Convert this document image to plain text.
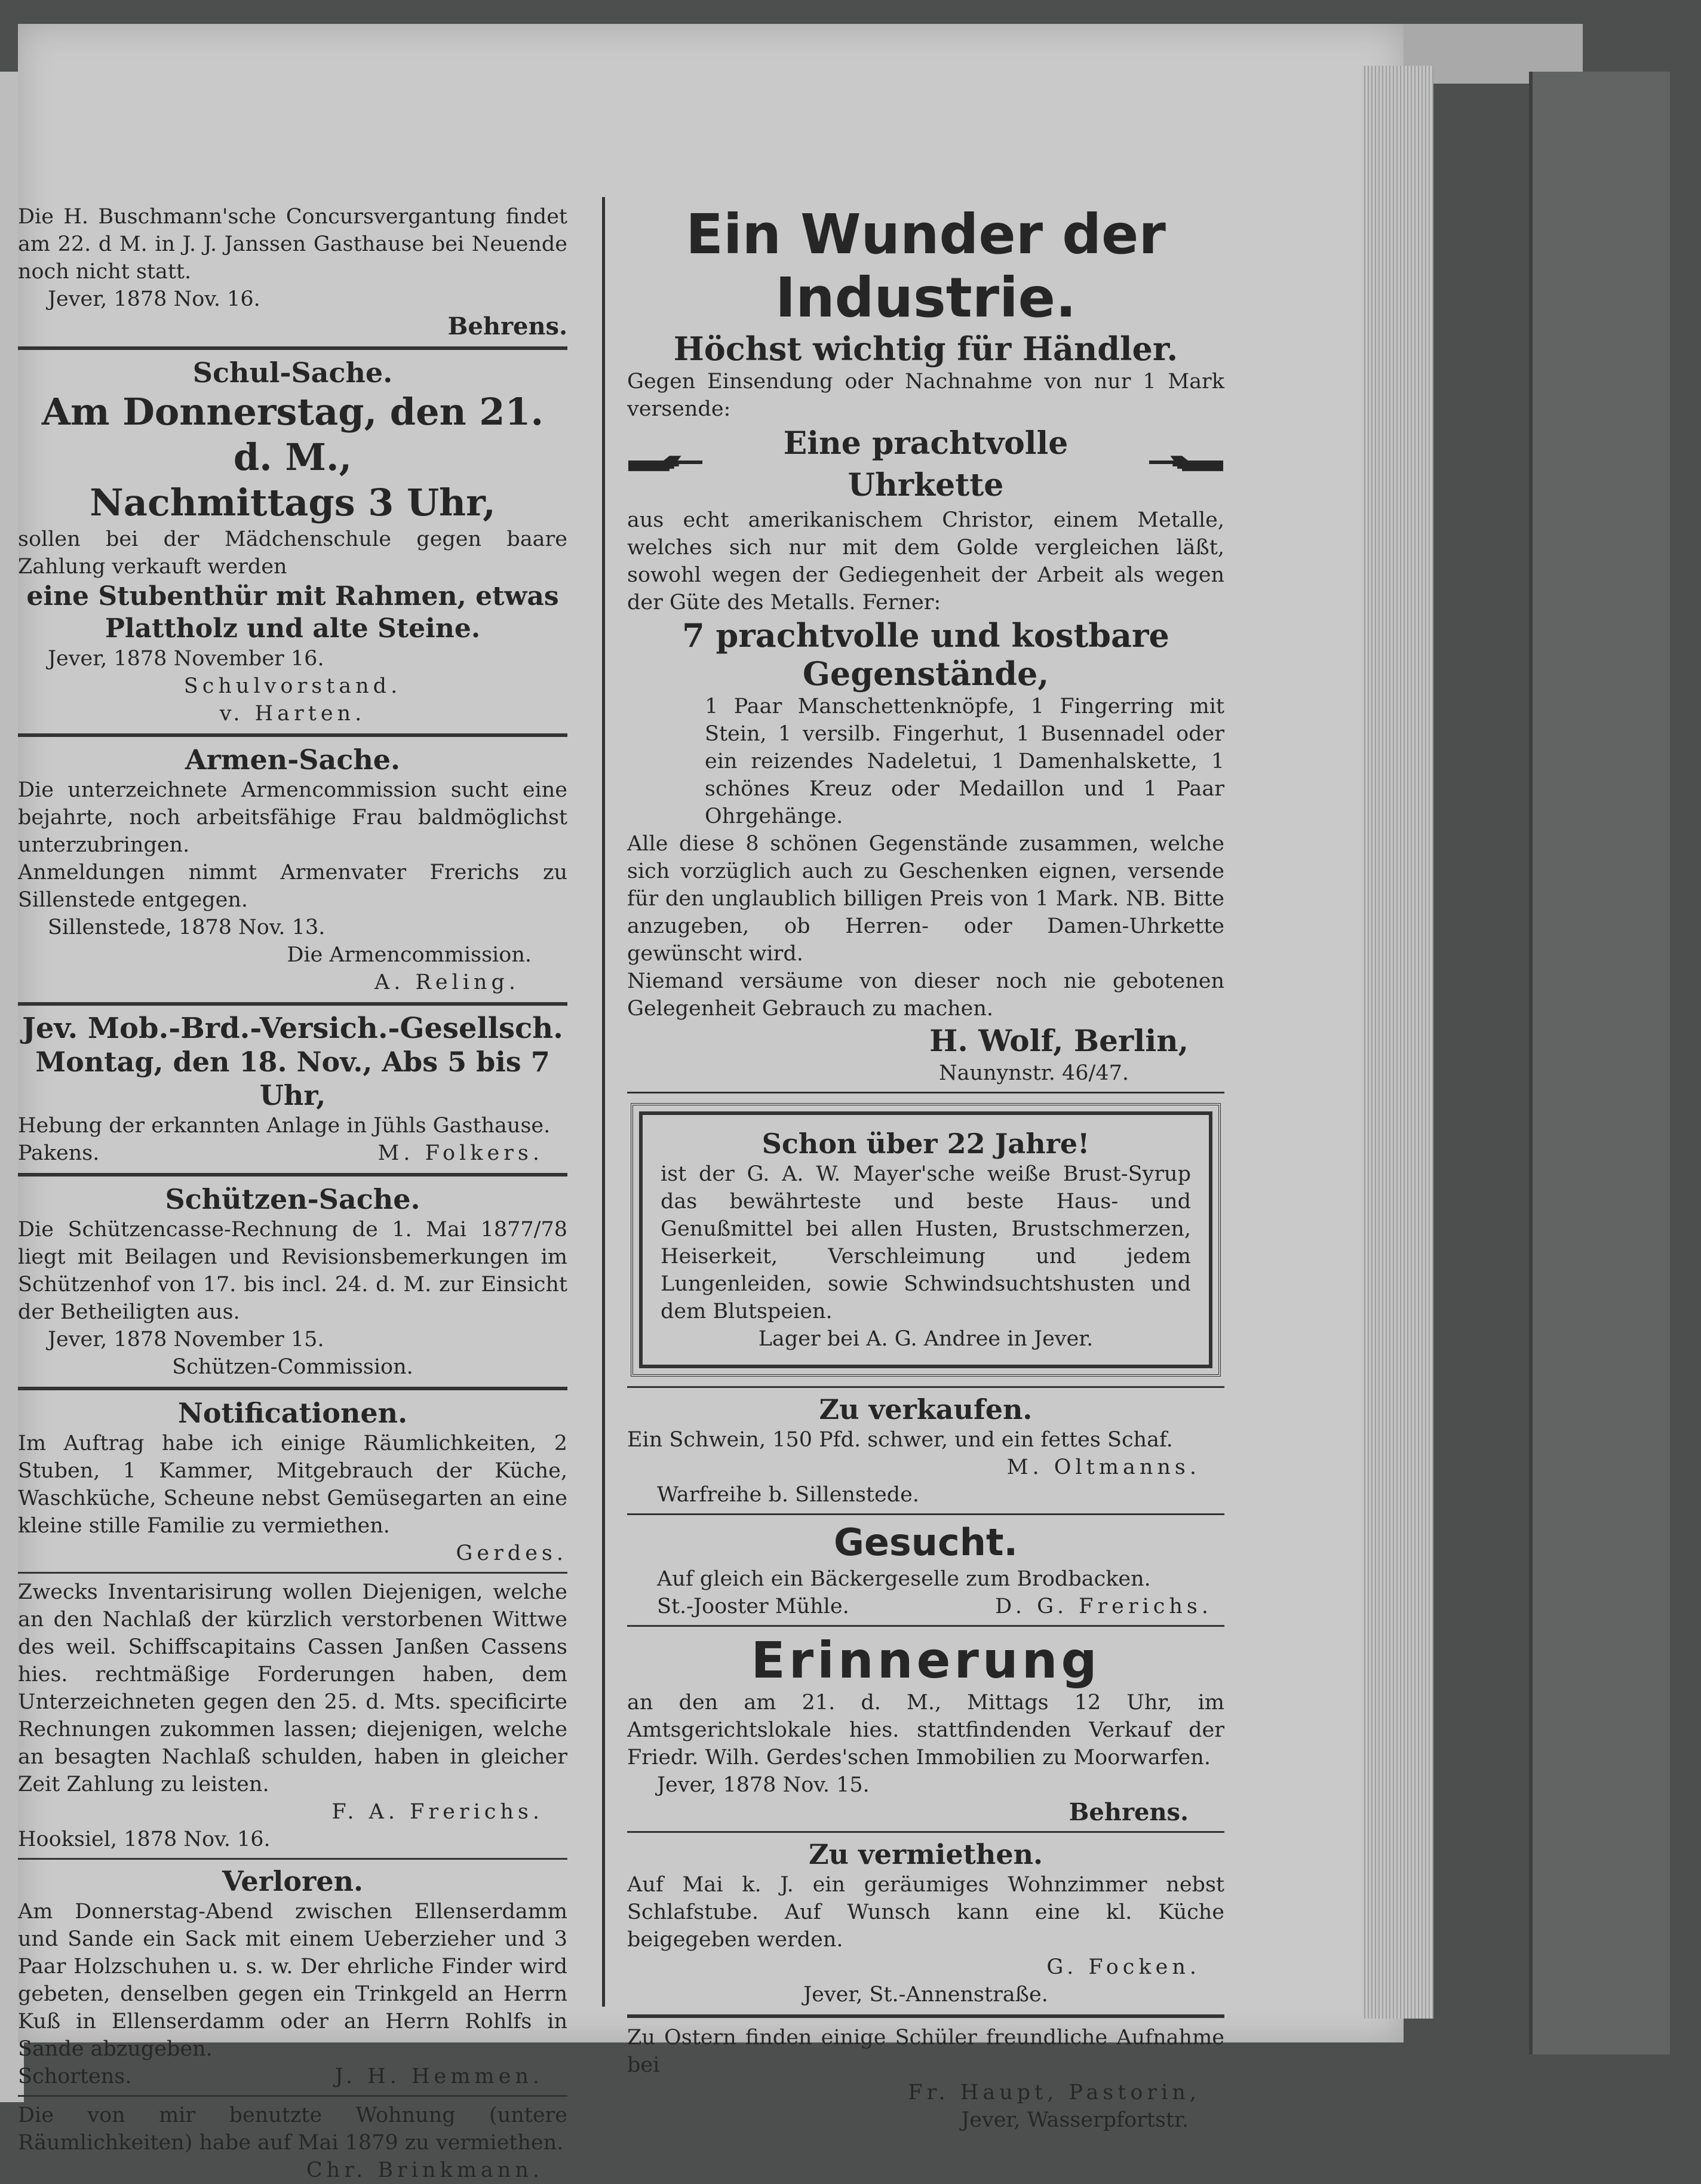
Die H. Buschmann'sche Concursvergantung findet am 22. d M. in J. J. Janssen Gasthause bei Neuende noch nicht statt.

Jever, 1878 Nov. 16.

Behrens.

Schul-Sache.
Am Donnerstag, den 21. d. M.,
Nachmittags 3 Uhr,

sollen bei der Mädchenschule gegen baare Zahlung verkauft werden

eine Stubenthür mit Rahmen, etwas Plattholz und alte Steine.

Jever, 1878 November 16.

Schulvorstand.

v. Harten.

Armen-Sache.

Die unterzeichnete Armencommission sucht eine bejahrte, noch arbeitsfähige Frau baldmöglichst unterzubringen.

Anmeldungen nimmt Armenvater Frerichs zu Sillenstede entgegen.

Sillenstede, 1878 Nov. 13.

Die Armencommission.

A. Reling.

Jev. Mob.-Brd.-Versich.-Gesellsch.
Montag, den 18. Nov., Abs 5 bis 7 Uhr,

Hebung der erkannten Anlage in Jühls Gasthause.

Pakens.	M. Folkers.
Schützen-Sache.

Die Schützencasse-Rechnung de 1. Mai 1877/78 liegt mit Beilagen und Revisionsbemerkungen im Schützenhof von 17. bis incl. 24. d. M. zur Einsicht der Betheiligten aus.

Jever, 1878 November 15.

Schützen-Commission.

Notificationen.

Im Auftrag habe ich einige Räumlichkeiten, 2 Stuben, 1 Kammer, Mitgebrauch der Küche, Waschküche, Scheune nebst Gemüsegarten an eine kleine stille Familie zu vermiethen.

Gerdes.

Zwecks Inventarisirung wollen Diejenigen, welche an den Nachlaß der kürzlich verstorbenen Wittwe des weil. Schiffscapitains Cassen Janßen Cassens hies. rechtmäßige Forderungen haben, dem Unterzeichneten gegen den 25. d. Mts. specificirte Rechnungen zukommen lassen; diejenigen, welche an besagten Nachlaß schulden, haben in gleicher Zeit Zahlung zu leisten.

F. A. Frerichs.

Hooksiel, 1878 Nov. 16.

Verloren.

Am Donnerstag-Abend zwischen Ellenserdamm und Sande ein Sack mit einem Ueberzieher und 3 Paar Holzschuhen u. s. w. Der ehrliche Finder wird gebeten, denselben gegen ein Trinkgeld an Herrn Kuß in Ellenserdamm oder an Herrn Rohlfs in Sande abzugeben.

Schortens.	J. H. Hemmen.

Die von mir benutzte Wohnung (untere Räumlichkeiten) habe auf Mai 1879 zu vermiethen.

Chr. Brinkmann.

Ein Wunder der Industrie.
Höchst wichtig für Händler.

Gegen Einsendung oder Nachnahme von nur 1 Mark versende:

Eine prachtvolle Uhrkette

aus echt amerikanischem Christor, einem Metalle, welches sich nur mit dem Golde vergleichen läßt, sowohl wegen der Gediegenheit der Arbeit als wegen der Güte des Metalls. Ferner:

7 prachtvolle und kostbare
Gegenstände,

1 Paar Manschettenknöpfe, 1 Fingerring mit Stein, 1 versilb. Fingerhut, 1 Busennadel oder ein reizendes Nadeletui, 1 Damenhalskette, 1 schönes Kreuz oder Medaillon und 1 Paar Ohrgehänge.

Alle diese 8 schönen Gegenstände zusammen, welche sich vorzüglich auch zu Geschenken eignen, versende für den unglaublich billigen Preis von 1 Mark. NB. Bitte anzugeben, ob Herren- oder Damen-Uhrkette gewünscht wird.

Niemand versäume von dieser noch nie gebotenen Gelegenheit Gebrauch zu machen.

H. Wolf, Berlin,

Naunynstr. 46/47.

Schon über 22 Jahre!

ist der G. A. W. Mayer'sche weiße Brust-Syrup das bewährteste und beste Haus- und Genußmittel bei allen Husten, Brustschmerzen, Heiserkeit, Verschleimung und jedem Lungenleiden, sowie Schwindsuchtshusten und dem Blutspeien.

Lager bei A. G. Andree in Jever.

Zu verkaufen.

Ein Schwein, 150 Pfd. schwer, und ein fettes Schaf.

M. Oltmanns.

Warfreihe b. Sillenstede.

Gesucht.

Auf gleich ein Bäckergeselle zum Brodbacken.

St.-Jooster Mühle.	D. G. Frerichs.
Erinnerung

an den am 21. d. M., Mittags 12 Uhr, im Amtsgerichtslokale hies. stattfindenden Verkauf der Friedr. Wilh. Gerdes'schen Immobilien zu Moorwarfen.

Jever, 1878 Nov. 15.

Behrens.

Zu vermiethen.

Auf Mai k. J. ein geräumiges Wohnzimmer nebst Schlafstube. Auf Wunsch kann eine kl. Küche beigegeben werden.

G. Focken.

Jever, St.-Annenstraße.

Zu Ostern finden einige Schüler freundliche Aufnahme bei

Fr. Haupt, Pastorin,

Jever, Wasserpfortstr.
